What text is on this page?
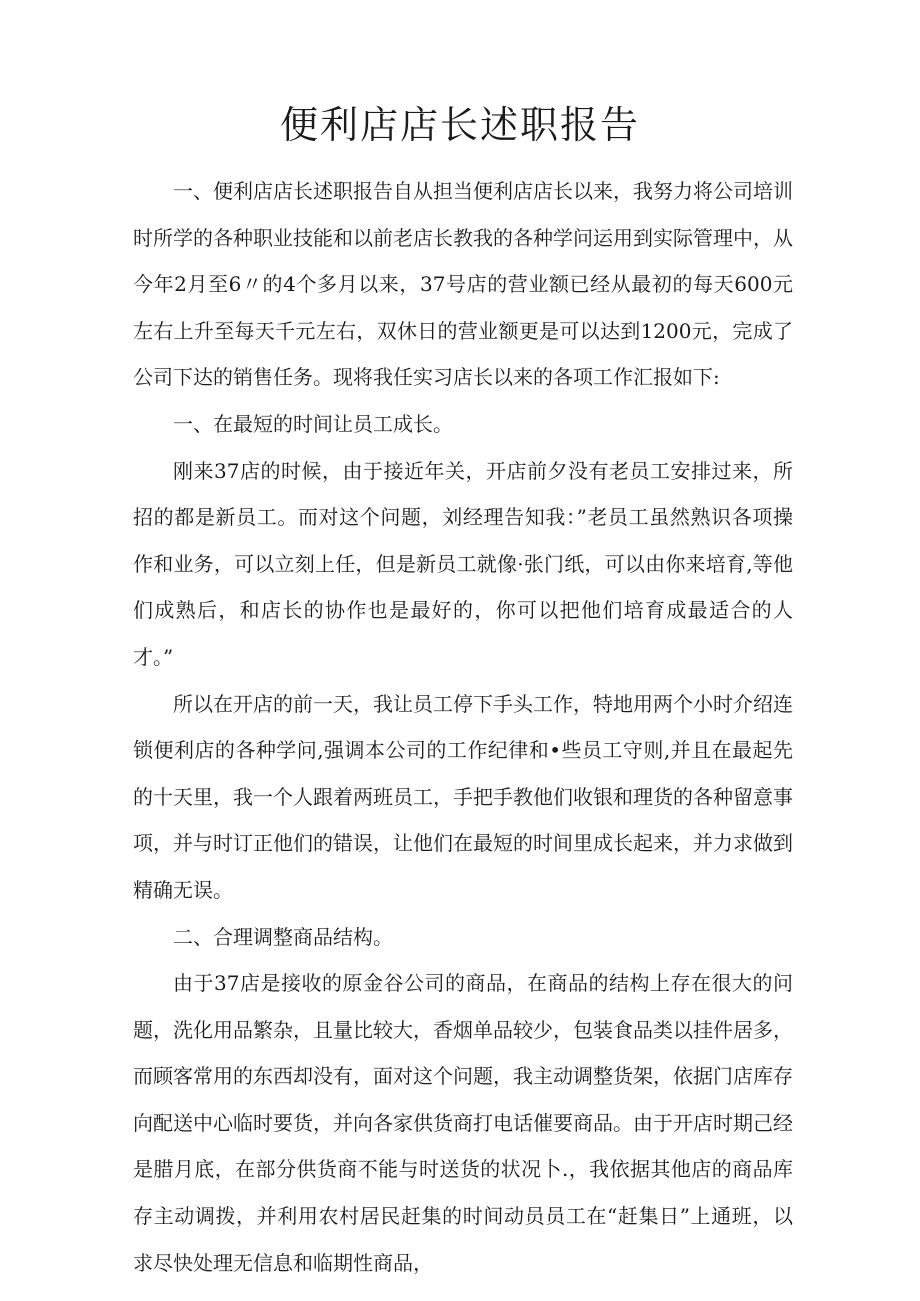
便利店店长述职报告

一、便利店店长述职报告自从担当便利店店长以来，我努力将公司培训时所学的各种职业技能和以前老店长教我的各种学问运用到实际管理中，从今年2月至6〃的4个多月以来，37号店的营业额已经从最初的每天600元左右上升至每天千元左右，双休日的营业额更是可以达到1200元，完成了公司下达的销售任务。现将我任实习店长以来的各项工作汇报如下:

一、在最短的时间让员工成长。

刚来37店的时候，由于接近年关，开店前夕没有老员工安排过来，所招的都是新员工。而对这个问题，刘经理告知我：”老员工虽然熟识各项操作和业务，可以立刻上任，但是新员工就像·张门纸，可以由你来培育,等他们成熟后，和店长的协作也是最好的，你可以把他们培育成最适合的人才。”

所以在开店的前一天，我让员工停下手头工作，特地用两个小时介绍连锁便利店的各种学问,强调本公司的工作纪律和•些员工守则,并且在最起先的十天里，我一个人跟着两班员工，手把手教他们收银和理货的各种留意事项，并与时订正他们的错误，让他们在最短的时间里成长起来，并力求做到精确无误。

二、合理调整商品结构。

由于37店是接收的原金谷公司的商品，在商品的结构上存在很大的问题，洗化用品繁杂，且量比较大，香烟单品较少，包装食品类以挂件居多，而顾客常用的东西却没有，面对这个问题，我主动调整货架，依据门店库存向配送中心临时要货，并向各家供货商打电话催要商品。由于开店时期己经是腊月底，在部分供货商不能与时送货的状况卜.，我依据其他店的商品库存主动调拨，并利用农村居民赶集的时间动员员工在“赶集日”上通班，以求尽快处理无信息和临期性商品，
